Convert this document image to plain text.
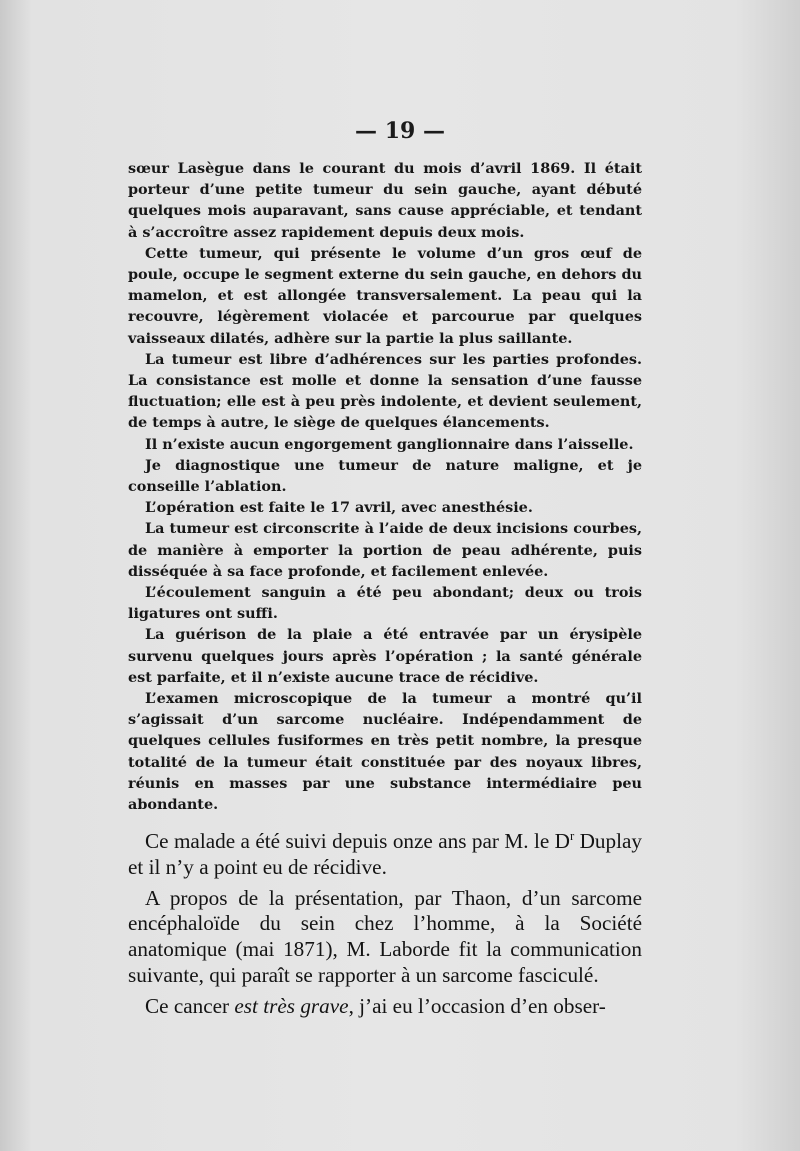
— 19 —

sœur Lasègue dans le courant du mois d’avril 1869. Il était porteur d’une petite tumeur du sein gauche, ayant débuté quelques mois auparavant, sans cause appréciable, et tendant à s’accroître assez rapidement depuis deux mois.

Cette tumeur, qui présente le volume d’un gros œuf de poule, occupe le segment externe du sein gauche, en dehors du mamelon, et est allongée transversalement. La peau qui la recouvre, légèrement violacée et parcourue par quelques vaisseaux dilatés, adhère sur la partie la plus saillante.

La tumeur est libre d’adhérences sur les parties profondes. La consistance est molle et donne la sensation d’une fausse fluctuation; elle est à peu près indolente, et devient seulement, de temps à autre, le siège de quelques élancements.

Il n’existe aucun engorgement ganglionnaire dans l’aisselle.

Je diagnostique une tumeur de nature maligne, et je conseille l’ablation.

L’opération est faite le 17 avril, avec anesthésie.

La tumeur est circonscrite à l’aide de deux incisions courbes, de manière à emporter la portion de peau adhérente, puis disséquée à sa face profonde, et facilement enlevée.

L’écoulement sanguin a été peu abondant; deux ou trois ligatures ont suffi.

La guérison de la plaie a été entravée par un érysipèle survenu quelques jours après l’opération ; la santé générale est parfaite, et il n’existe aucune trace de récidive.

L’examen microscopique de la tumeur a montré qu’il s’agissait d’un sarcome nucléaire. Indépendamment de quelques cellules fusiformes en très petit nombre, la presque totalité de la tumeur était constituée par des noyaux libres, réunis en masses par une substance intermédiaire peu abondante.

Ce malade a été suivi depuis onze ans par M. le $D^r$ Duplay et il n’y a point eu de récidive.

A propos de la présentation, par Thaon, d’un sarcome encéphaloïde du sein chez l’homme, à la Société anatomique (mai 1871), M. Laborde fit la communication suivante, qui paraît se rapporter à un sarcome fasciculé.

Ce cancer est très grave, j’ai eu l’occasion d’en obser-
